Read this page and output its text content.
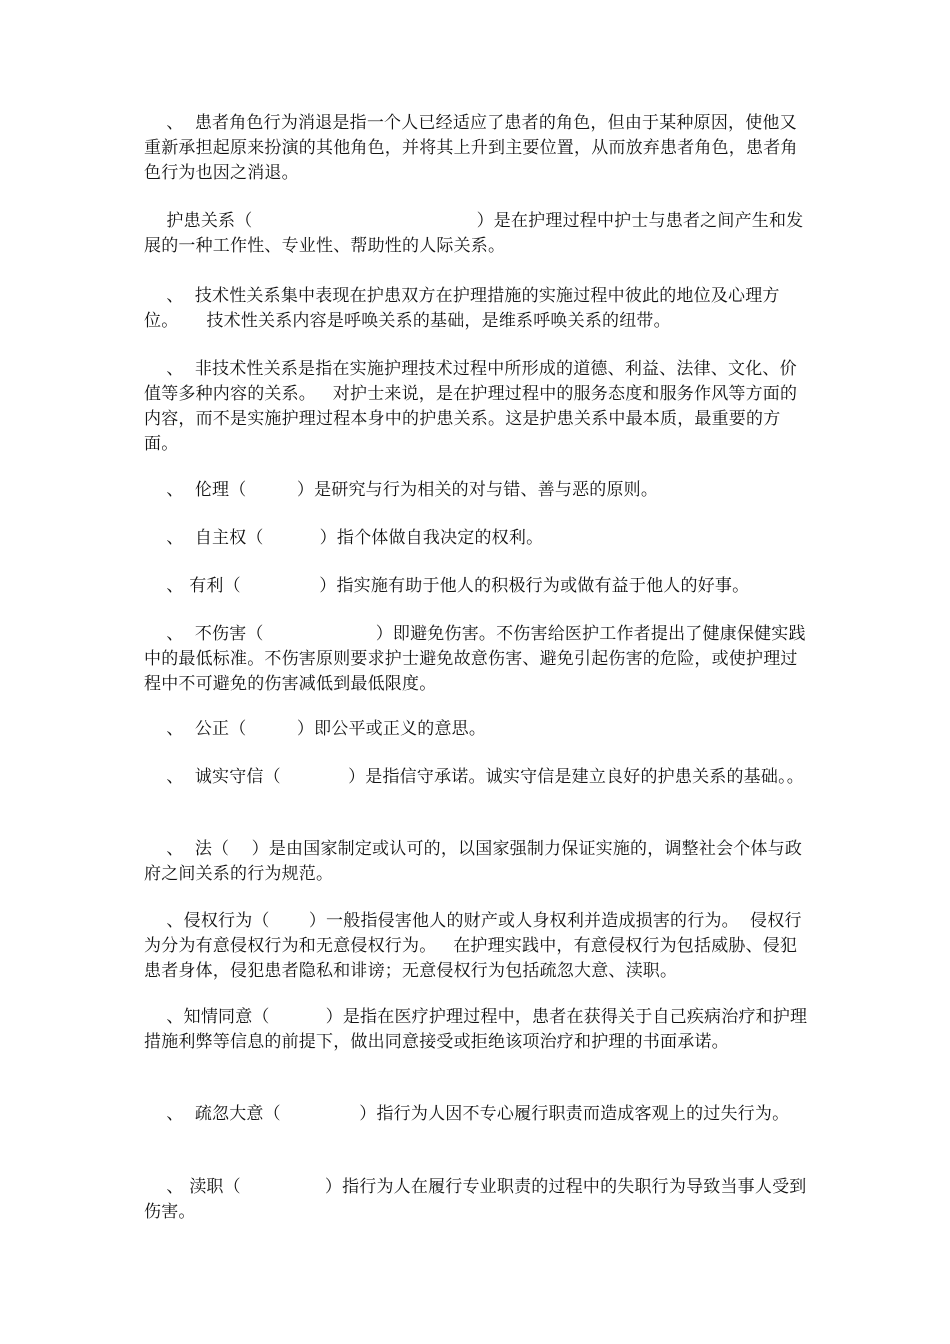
、  患者角色行为消退是指一个人已经适应了患者的角色，但由于某种原因，使他又重新承担起原来扮演的其他角色，并将其上升到主要位置，从而放弃患者角色，患者角色行为也因之消退。

护患关系（                                        ）是在护理过程中护士与患者之间产生和发展的一种工作性、专业性、帮助性的人际关系。

、  技术性关系集中表现在护患双方在护理措施的实施过程中彼此的地位及心理方位。     技术性关系内容是呼唤关系的基础，是维系呼唤关系的纽带。

、  非技术性关系是指在实施护理技术过程中所形成的道德、利益、法律、文化、价值等多种内容的关系。   对护士来说，是在护理过程中的服务态度和服务作风等方面的内容，而不是实施护理过程本身中的护患关系。这是护患关系中最本质，最重要的方面。

、  伦理（         ）是研究与行为相关的对与错、善与恶的原则。

、  自主权（          ）指个体做自我决定的权利。

、 有利（              ）指实施有助于他人的积极行为或做有益于他人的好事。

、  不伤害（                    ）即避免伤害。不伤害给医护工作者提出了健康保健实践中的最低标准。不伤害原则要求护士避免故意伤害、避免引起伤害的危险，或使护理过程中不可避免的伤害减低到最低限度。

、  公正（         ）即公平或正义的意思。

、  诚实守信（            ）是指信守承诺。诚实守信是建立良好的护患关系的基础。。

、  法（    ）是由国家制定或认可的，以国家强制力保证实施的，调整社会个体与政府之间关系的行为规范。

、侵权行为（       ）一般指侵害他人的财产或人身权利并造成损害的行为。  侵权行为分为有意侵权行为和无意侵权行为。   在护理实践中，有意侵权行为包括威胁、侵犯患者身体，侵犯患者隐私和诽谤；无意侵权行为包括疏忽大意、渎职。

、知情同意（          ）是指在医疗护理过程中，患者在获得关于自己疾病治疗和护理措施利弊等信息的前提下，做出同意接受或拒绝该项治疗和护理的书面承诺。

、  疏忽大意（              ）指行为人因不专心履行职责而造成客观上的过失行为。

、 渎职（               ）指行为人在履行专业职责的过程中的失职行为导致当事人受到伤害。
